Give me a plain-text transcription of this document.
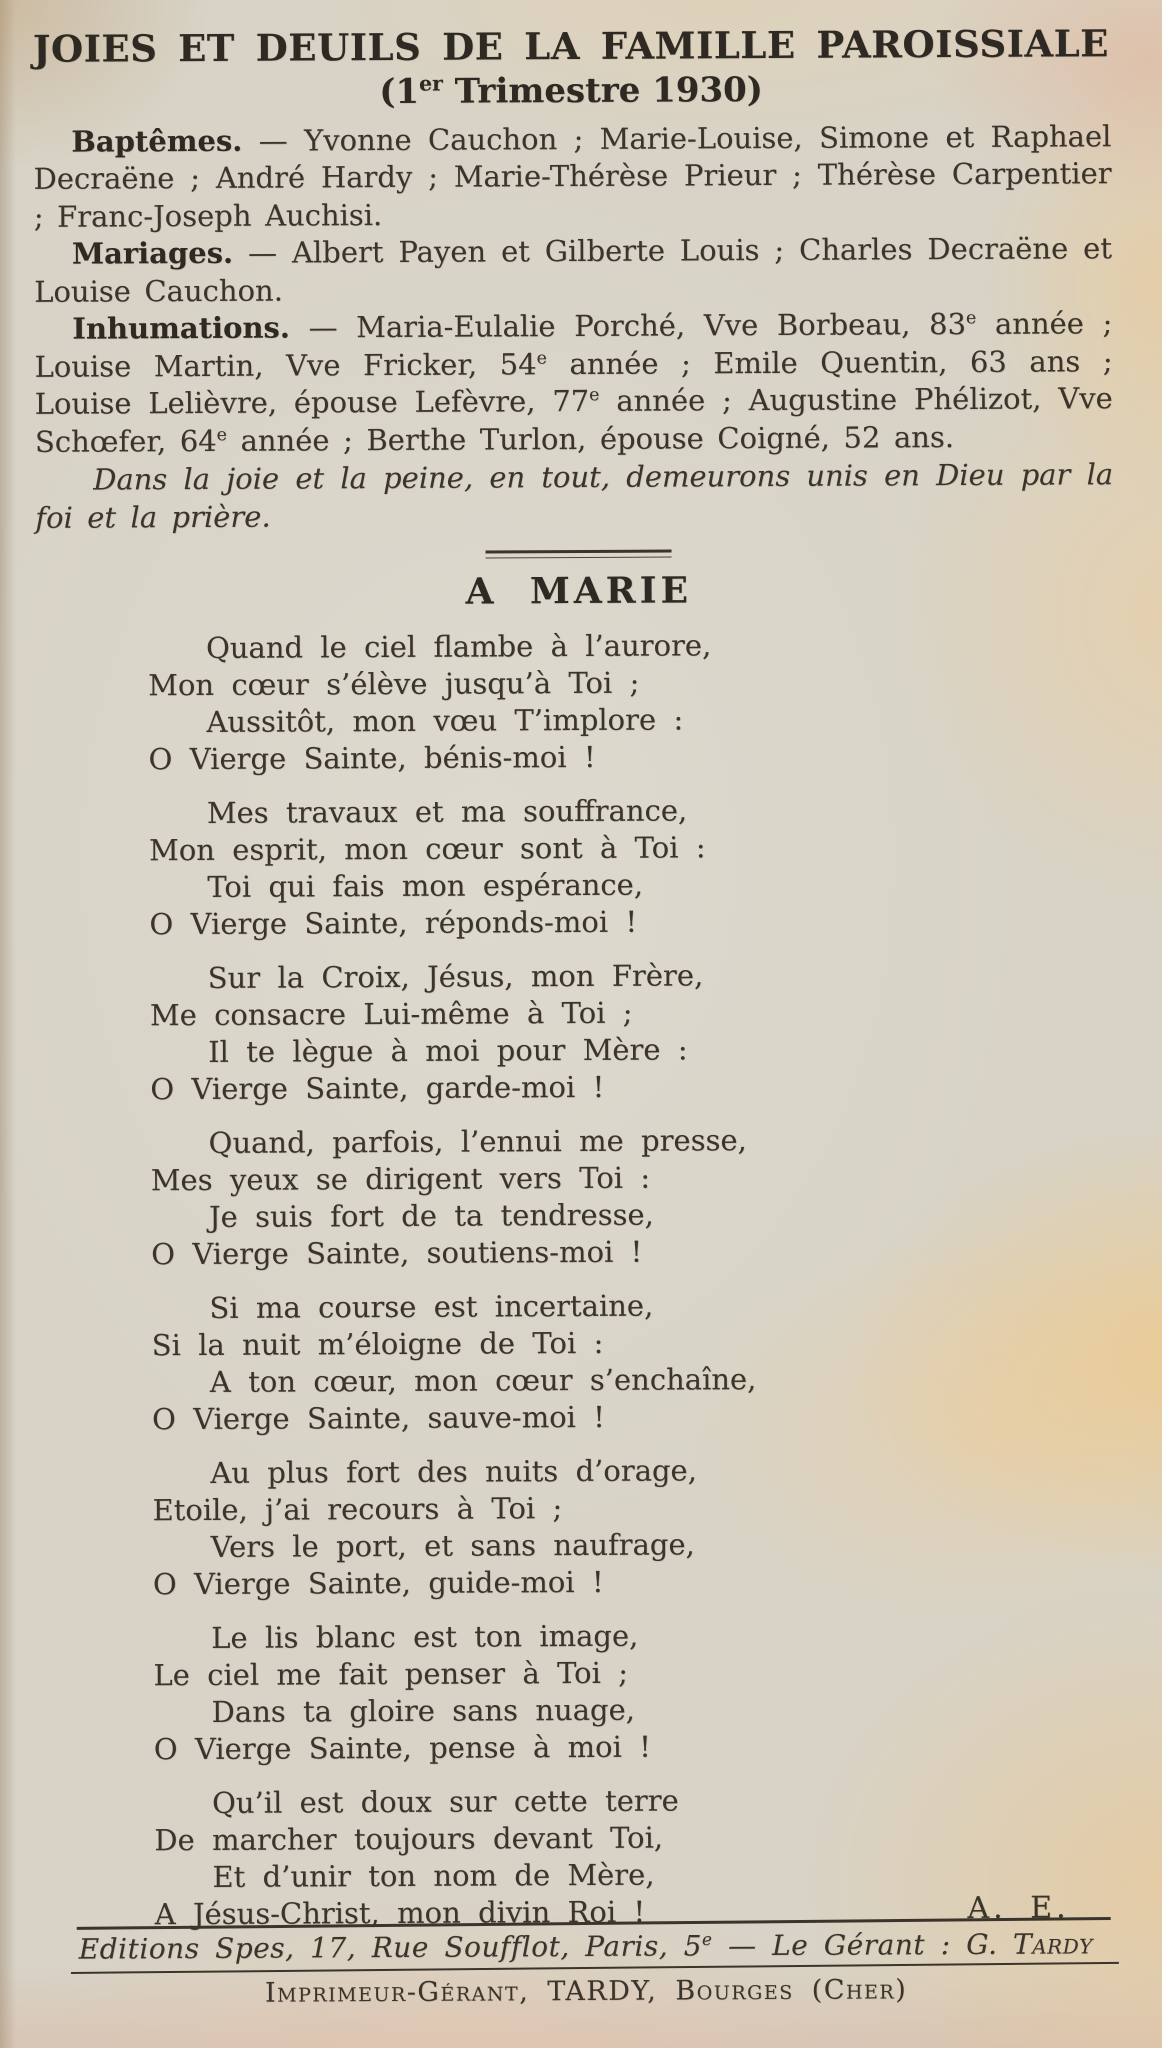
JOIES ET DEUILS DE LA FAMILLE PAROISSIALE
(1er Trimestre 1930)

Baptêmes. — Yvonne Cauchon ; Marie-Louise, Simone et Raphael Decraëne ; André Hardy ; Marie-Thérèse Prieur ; Thérèse Carpentier ; Franc-Joseph Auchisi.

Mariages. — Albert Payen et Gilberte Louis ; Charles Decraëne et Louise Cauchon.

Inhumations. — Maria-Eulalie Porché, Vve Borbeau, 83e année ; Louise Martin, Vve Fricker, 54e année ; Emile Quentin, 63 ans ; Louise Lelièvre, épouse Lefèvre, 77e année ; Augustine Phélizot, Vve Schœfer, 64e année ; Berthe Turlon, épouse Coigné, 52 ans.

Dans la joie et la peine, en tout, demeurons unis en Dieu par la foi et la prière.

A MARIE
Quand le ciel flambe à l’aurore,
Mon cœur s’élève jusqu’à Toi ;
Aussitôt, mon vœu T’implore :
O Vierge Sainte, bénis-moi !
Mes travaux et ma souffrance,
Mon esprit, mon cœur sont à Toi :
Toi qui fais mon espérance,
O Vierge Sainte, réponds-moi !
Sur la Croix, Jésus, mon Frère,
Me consacre Lui-même à Toi ;
Il te lègue à moi pour Mère :
O Vierge Sainte, garde-moi !
Quand, parfois, l’ennui me presse,
Mes yeux se dirigent vers Toi :
Je suis fort de ta tendresse,
O Vierge Sainte, soutiens-moi !
Si ma course est incertaine,
Si la nuit m’éloigne de Toi :
A ton cœur, mon cœur s’enchaîne,
O Vierge Sainte, sauve-moi !
Au plus fort des nuits d’orage,
Etoile, j’ai recours à Toi ;
Vers le port, et sans naufrage,
O Vierge Sainte, guide-moi !
Le lis blanc est ton image,
Le ciel me fait penser à Toi ;
Dans ta gloire sans nuage,
O Vierge Sainte, pense à moi !
Qu’il est doux sur cette terre
De marcher toujours devant Toi,
Et d’unir ton nom de Mère,
A Jésus-Christ, mon divin Roi !	A. E.
Editions Spes, 17, Rue Soufflot, Paris, 5e — Le Gérant : G. Tardy
Imprimeur-Gérant, TARDY, Bourges (Cher)
